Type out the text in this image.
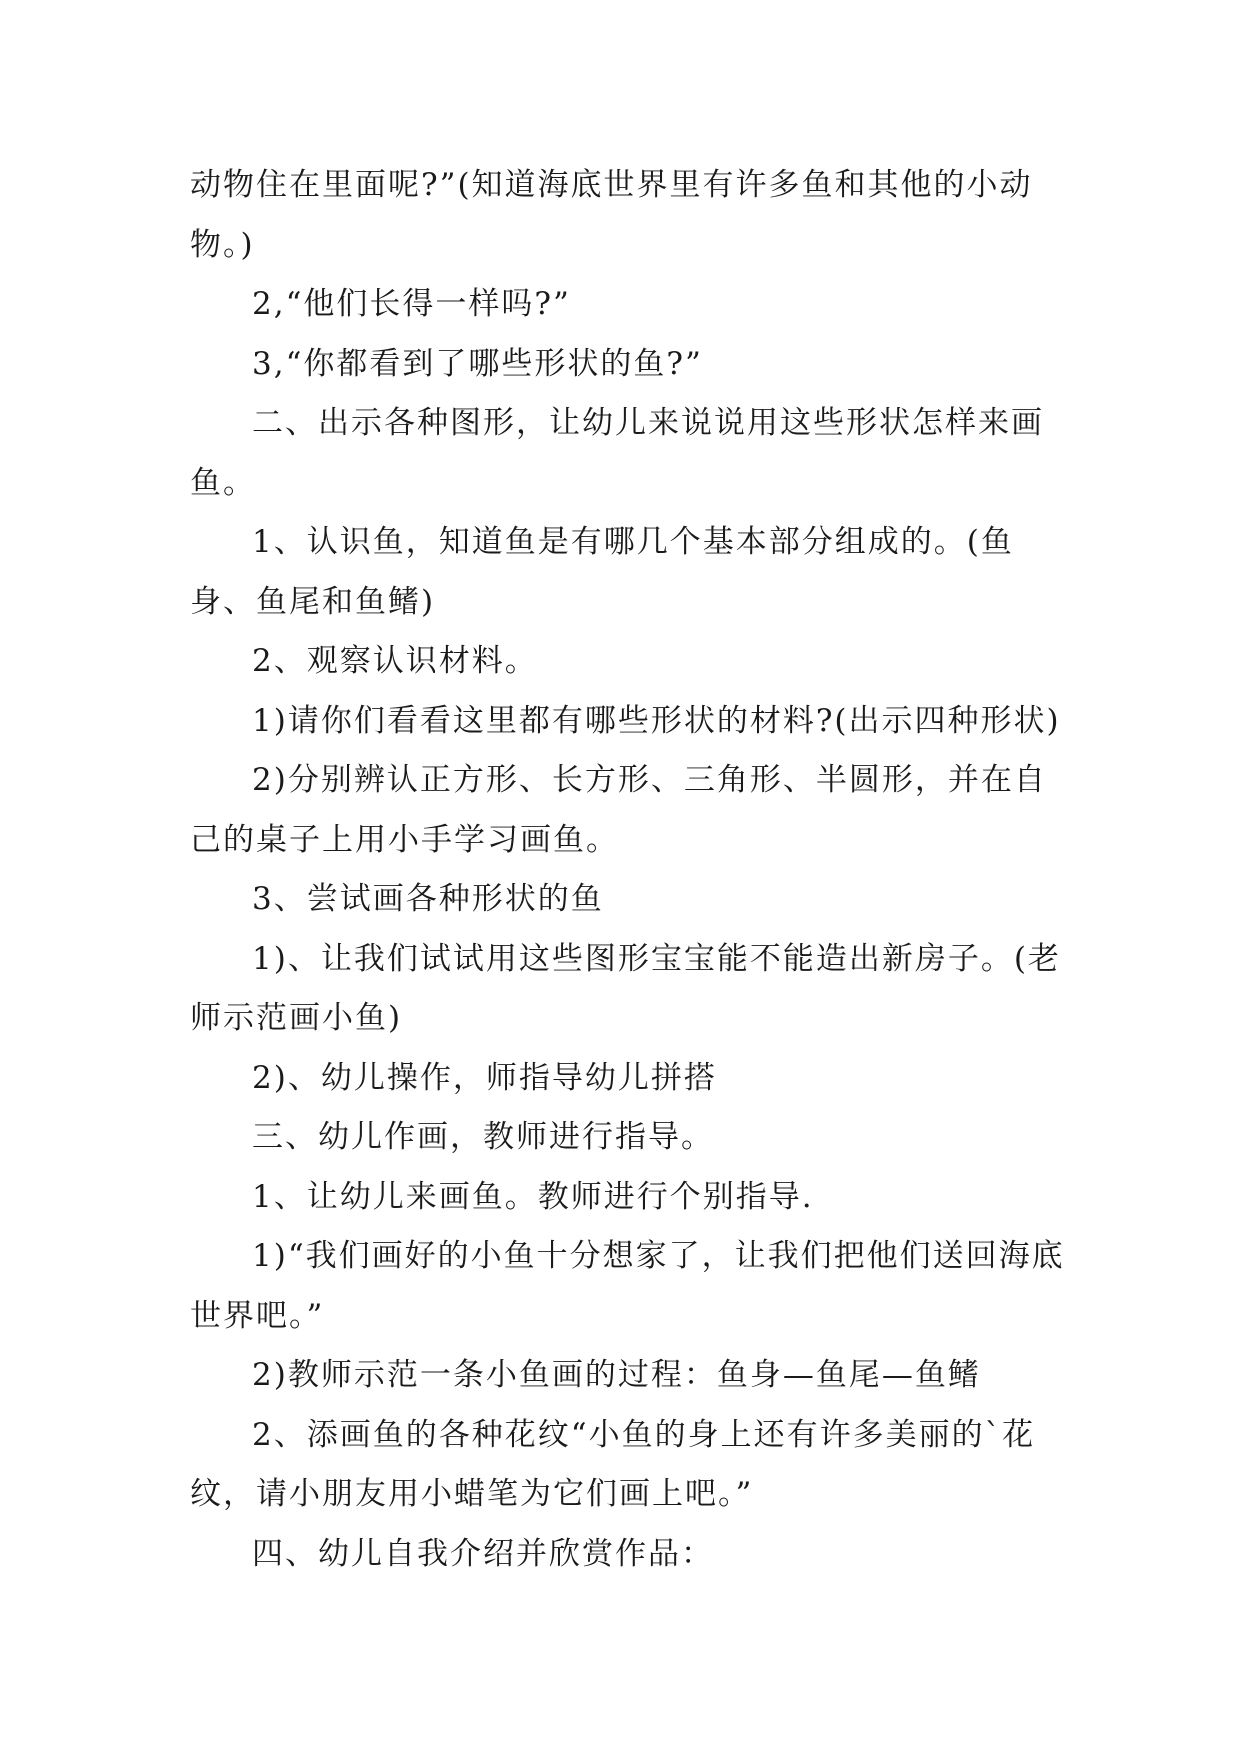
动物住在里面呢?”(知道海底世界里有许多鱼和其他的小动物。)

2,“他们长得一样吗?”

3,“你都看到了哪些形状的鱼?”

二、出示各种图形，让幼儿来说说用这些形状怎样来画鱼。

1、认识鱼，知道鱼是有哪几个基本部分组成的。(鱼身、鱼尾和鱼鳍)

2、观察认识材料。

1)请你们看看这里都有哪些形状的材料?(出示四种形状)

2)分别辨认正方形、长方形、三角形、半圆形，并在自己的桌子上用小手学习画鱼。

3、尝试画各种形状的鱼

1)、让我们试试用这些图形宝宝能不能造出新房子。(老师示范画小鱼)

2)、幼儿操作，师指导幼儿拼搭

三、幼儿作画，教师进行指导。

1、让幼儿来画鱼。教师进行个别指导.

1)“我们画好的小鱼十分想家了，让我们把他们送回海底世界吧。”

2)教师示范一条小鱼画的过程：鱼身—鱼尾—鱼鳍

2、添画鱼的各种花纹“小鱼的身上还有许多美丽的`花纹，请小朋友用小蜡笔为它们画上吧。”

四、幼儿自我介绍并欣赏作品：
